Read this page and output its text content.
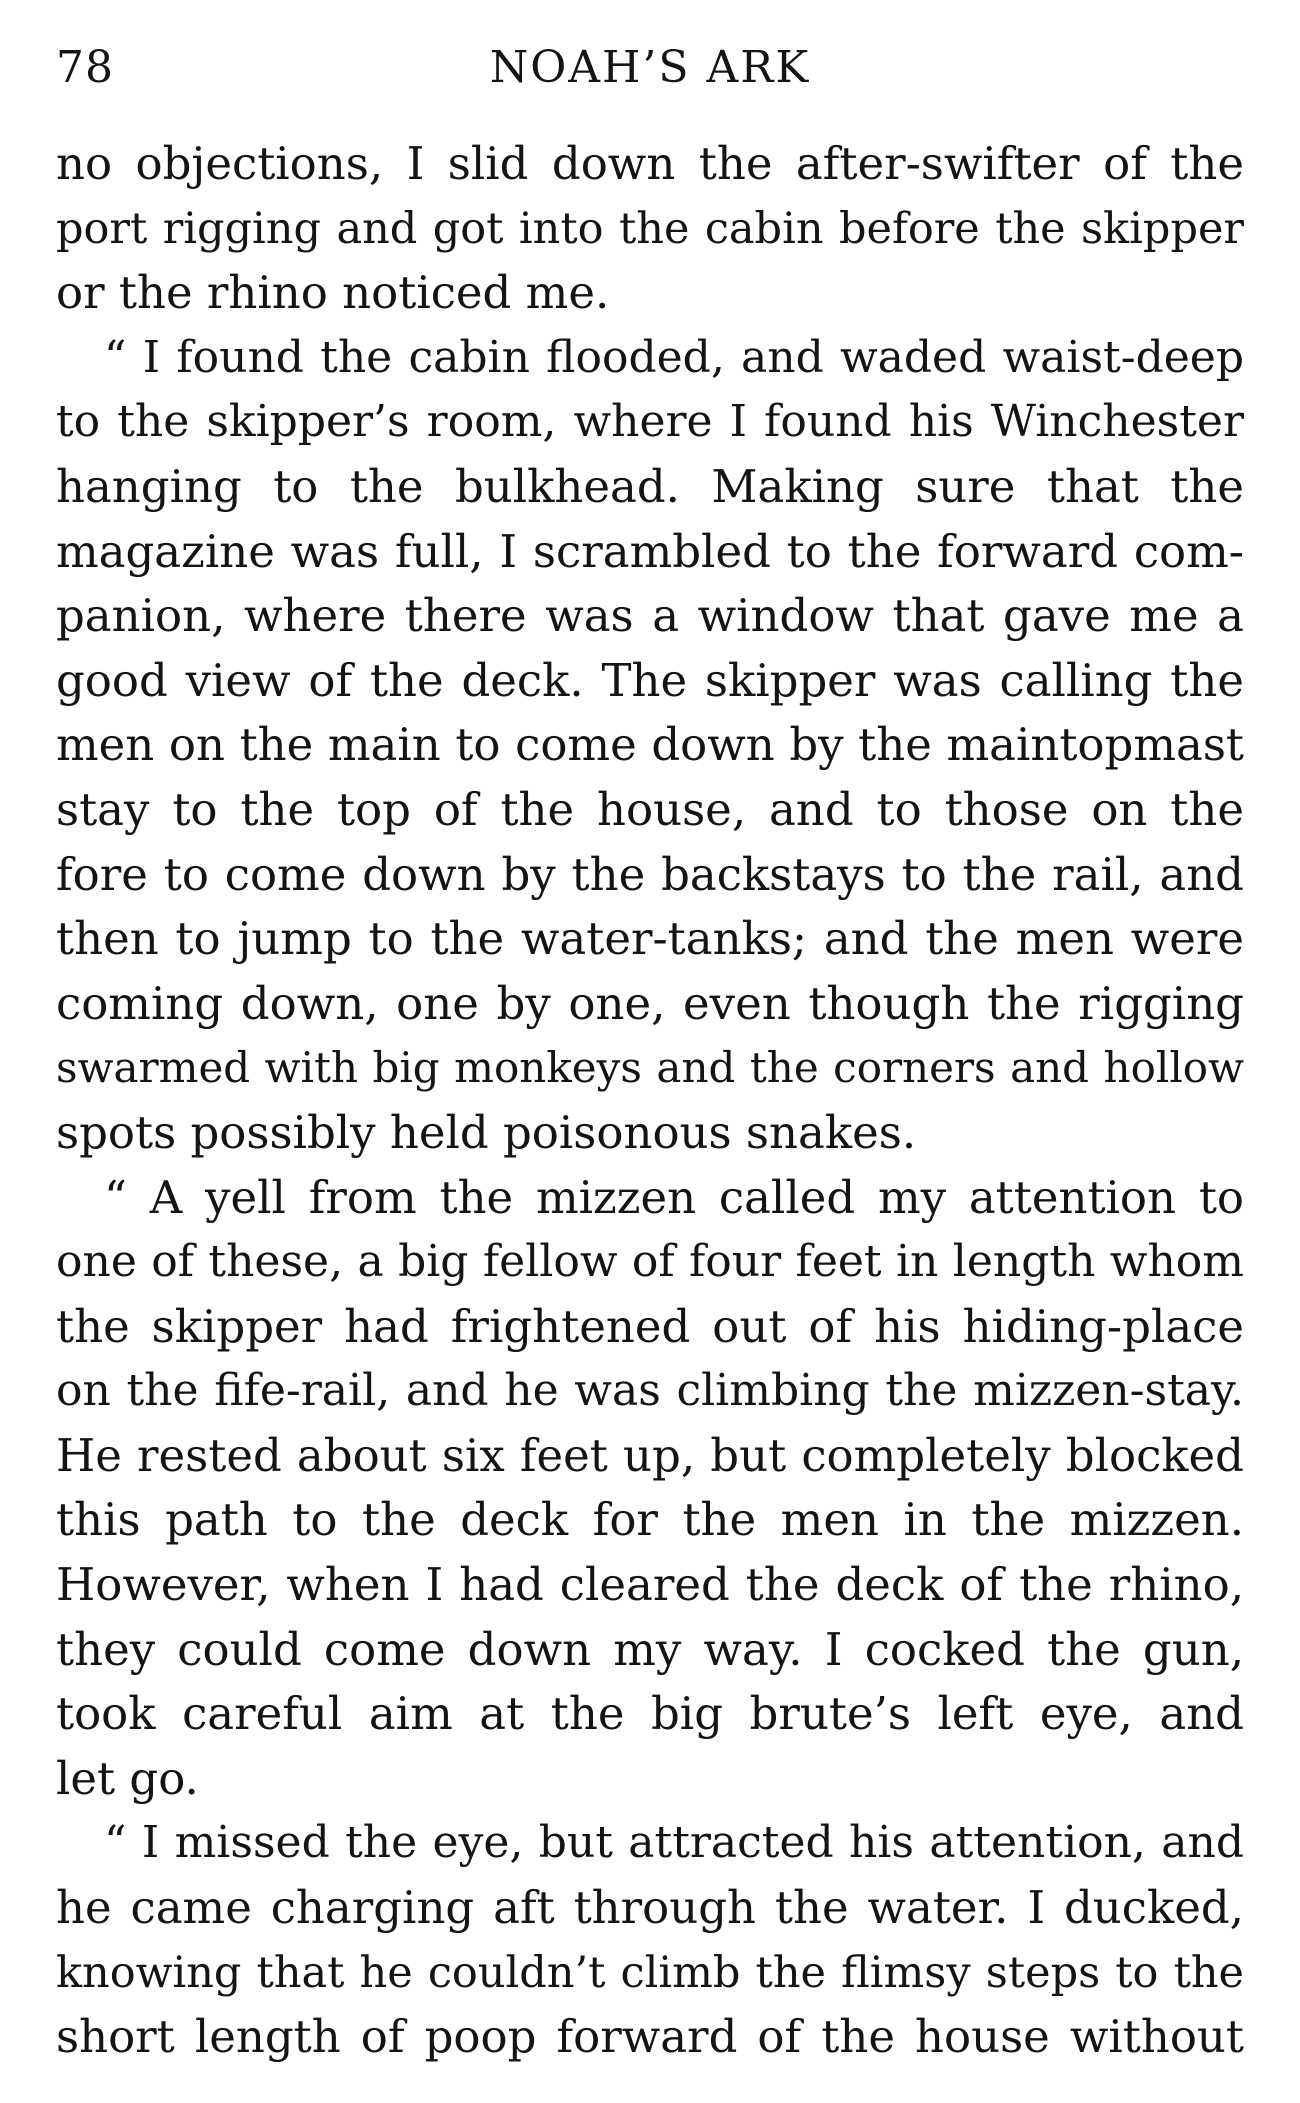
78	NOAH’S ARK
no objections, I slid down the after-swifter of the
port rigging and got into the cabin before the skipper
or the rhino noticed me.
“ I found the cabin flooded, and waded waist-deep
to the skipper’s room, where I found his Winchester
hanging to the bulkhead. Making sure that the
magazine was full, I scrambled to the forward com-
panion, where there was a window that gave me a
good view of the deck. The skipper was calling the
men on the main to come down by the maintopmast
stay to the top of the house, and to those on the
fore to come down by the backstays to the rail, and
then to jump to the water-tanks; and the men were
coming down, one by one, even though the rigging
swarmed with big monkeys and the corners and hollow
spots possibly held poisonous snakes.
“ A yell from the mizzen called my attention to
one of these, a big fellow of four feet in length whom
the skipper had frightened out of his hiding-place
on the fife-rail, and he was climbing the mizzen-stay.
He rested about six feet up, but completely blocked
this path to the deck for the men in the mizzen.
However, when I had cleared the deck of the rhino,
they could come down my way. I cocked the gun,
took careful aim at the big brute’s left eye, and
let go.
“ I missed the eye, but attracted his attention, and
he came charging aft through the water. I ducked,
knowing that he couldn’t climb the flimsy steps to the
short length of poop forward of the house without
